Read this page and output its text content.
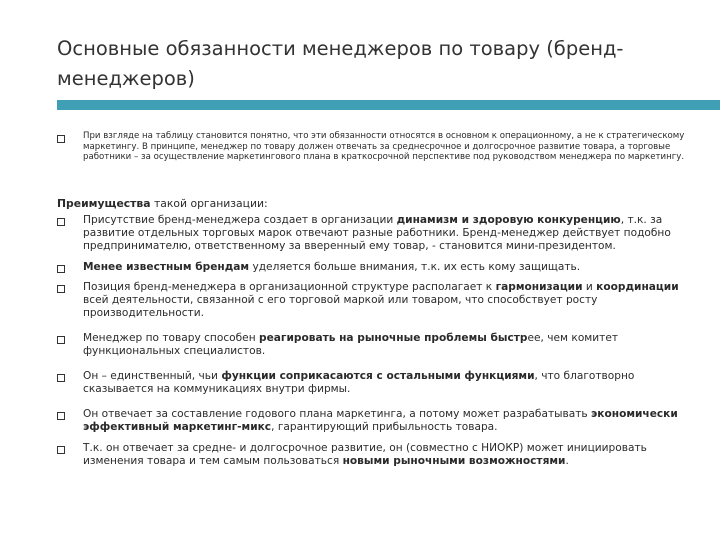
Основные обязанности менеджеров по товару (бренд-менеджеров)
При взгляде на таблицу становится понятно, что эти обязанности относятся в основном к операционному, а не к стратегическому маркетингу. В принципе, менеджер по товару должен отвечать за среднесрочное и долгосрочное развитие товара, а торговые работники – за осуществление маркетингового плана в краткосрочной перспективе под руководством менеджера по маркетингу.
Преимущества такой организации:
Присутствие бренд-менеджера создает в организации динамизм и здоровую конкуренцию, т.к. за развитие отдельных торговых марок отвечают разные работники. Бренд-менеджер действует подобно предпринимателю, ответственному за вверенный ему товар, - становится мини-президентом.
Менее известным брендам уделяется больше внимания, т.к. их есть кому защищать.
Позиция бренд-менеджера в организационной структуре располагает к гармонизации и координации всей деятельности, связанной с его торговой маркой или товаром, что способствует росту производительности.
Менеджер по товару способен реагировать на рыночные проблемы быстрее, чем комитет функциональных специалистов.
Он – единственный, чьи функции соприкасаются с остальными функциями, что благотворно сказывается на коммуникациях внутри фирмы.
Он отвечает за составление годового плана маркетинга, а потому может разрабатывать экономически эффективный маркетинг-микс, гарантирующий прибыльность товара.
Т.к. он отвечает за средне- и долгосрочное развитие, он (совместно с НИОКР) может инициировать изменения товара и тем самым пользоваться новыми рыночными возможностями.
